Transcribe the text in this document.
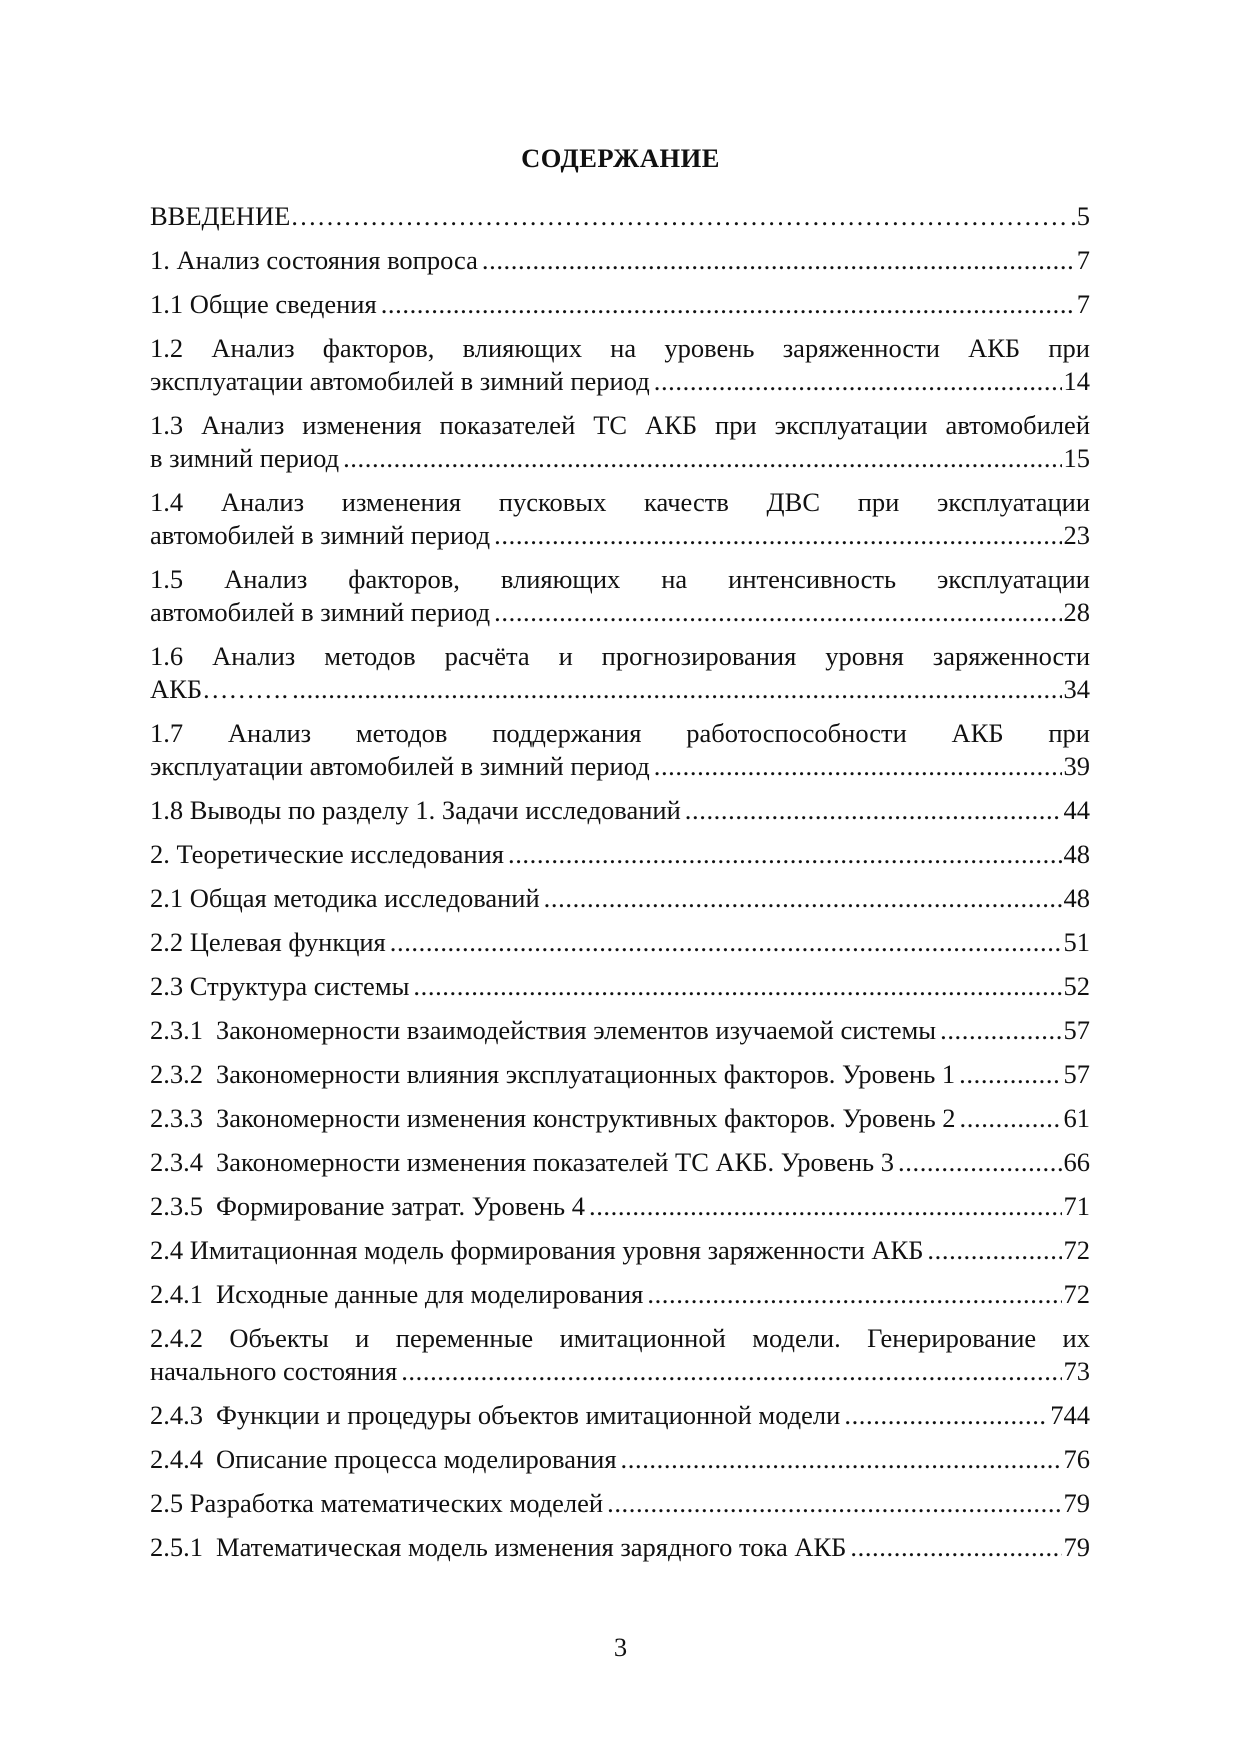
СОДЕРЖАНИЕ
ВВЕДЕНИЕ ……………………………………………………………………………………………………………………………………………	.5
1. Анализ состояния вопроса .....	7
1.1 Общие сведения .....	7
1.2 Анализ факторов, влияющих на уровень заряженности АКБ при
эксплуатации автомобилей в зимний период .....	14
1.3 Анализ изменения показателей ТС АКБ при эксплуатации автомобилей
в зимний период .....	15
1.4 Анализ изменения пусковых качеств ДВС при эксплуатации
автомобилей в зимний период .....	23
1.5 Анализ факторов, влияющих на интенсивность эксплуатации
автомобилей в зимний период .....	28
1.6 Анализ методов расчёта и прогнозирования уровня заряженности
АКБ………. .....	34
1.7 Анализ методов поддержания работоспособности АКБ при
эксплуатации автомобилей в зимний период .....	39
1.8 Выводы по разделу 1. Задачи исследований .....	44
2. Теоретические исследования .....	48
2.1 Общая методика исследований .....	48
2.2 Целевая функция .....	51
2.3 Структура системы .....	52
2.3.1 Закономерности взаимодействия элементов изучаемой системы .....	57
2.3.2 Закономерности влияния эксплуатационных факторов. Уровень 1 .....	57
2.3.3 Закономерности изменения конструктивных факторов. Уровень 2 .....	61
2.3.4 Закономерности изменения показателей ТС АКБ. Уровень 3 .....	66
2.3.5 Формирование затрат. Уровень 4 .....	71
2.4 Имитационная модель формирования уровня заряженности АКБ .....	72
2.4.1 Исходные данные для моделирования .....	72
2.4.2 Объекты и переменные имитационной модели. Генерирование их
начального состояния .....	73
2.4.3 Функции и процедуры объектов имитационной модели .....	744
2.4.4 Описание процесса моделирования .....	76
2.5 Разработка математических моделей .....	79
2.5.1 Математическая модель изменения зарядного тока АКБ .....	79
3
